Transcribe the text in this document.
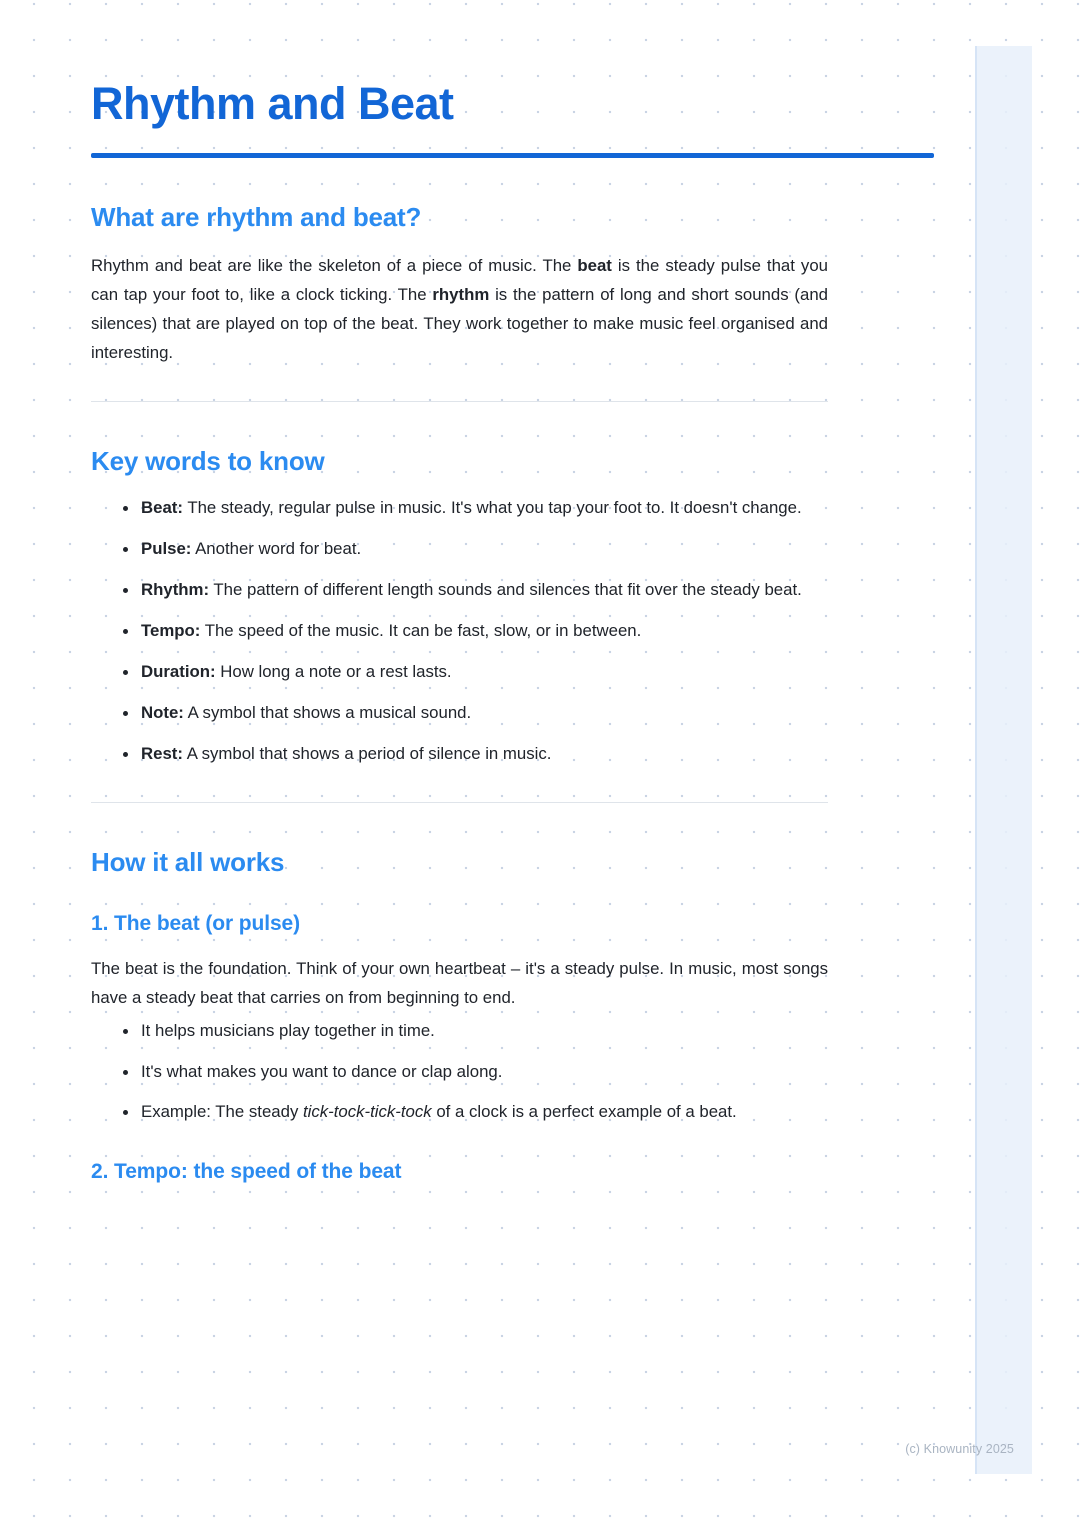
Rhythm and Beat
What are rhythm and beat?

Rhythm and beat are like the skeleton of a piece of music. The beat is the steady pulse that you can tap your foot to, like a clock ticking. The rhythm is the pattern of long and short sounds (and silences) that are played on top of the beat. They work together to make music feel organised and interesting.

Key words to know
Beat: The steady, regular pulse in music. It's what you tap your foot to. It doesn't change.
Pulse: Another word for beat.
Rhythm: The pattern of different length sounds and silences that fit over the steady beat.
Tempo: The speed of the music. It can be fast, slow, or in between.
Duration: How long a note or a rest lasts.
Note: A symbol that shows a musical sound.
Rest: A symbol that shows a period of silence in music.
How it all works
1. The beat (or pulse)

The beat is the foundation. Think of your own heartbeat – it's a steady pulse. In music, most songs have a steady beat that carries on from beginning to end.

It helps musicians play together in time.
It's what makes you want to dance or clap along.
Example: The steady tick-tock-tick-tock of a clock is a perfect example of a beat.
2. Tempo: the speed of the beat
(c) Knowunity 2025
